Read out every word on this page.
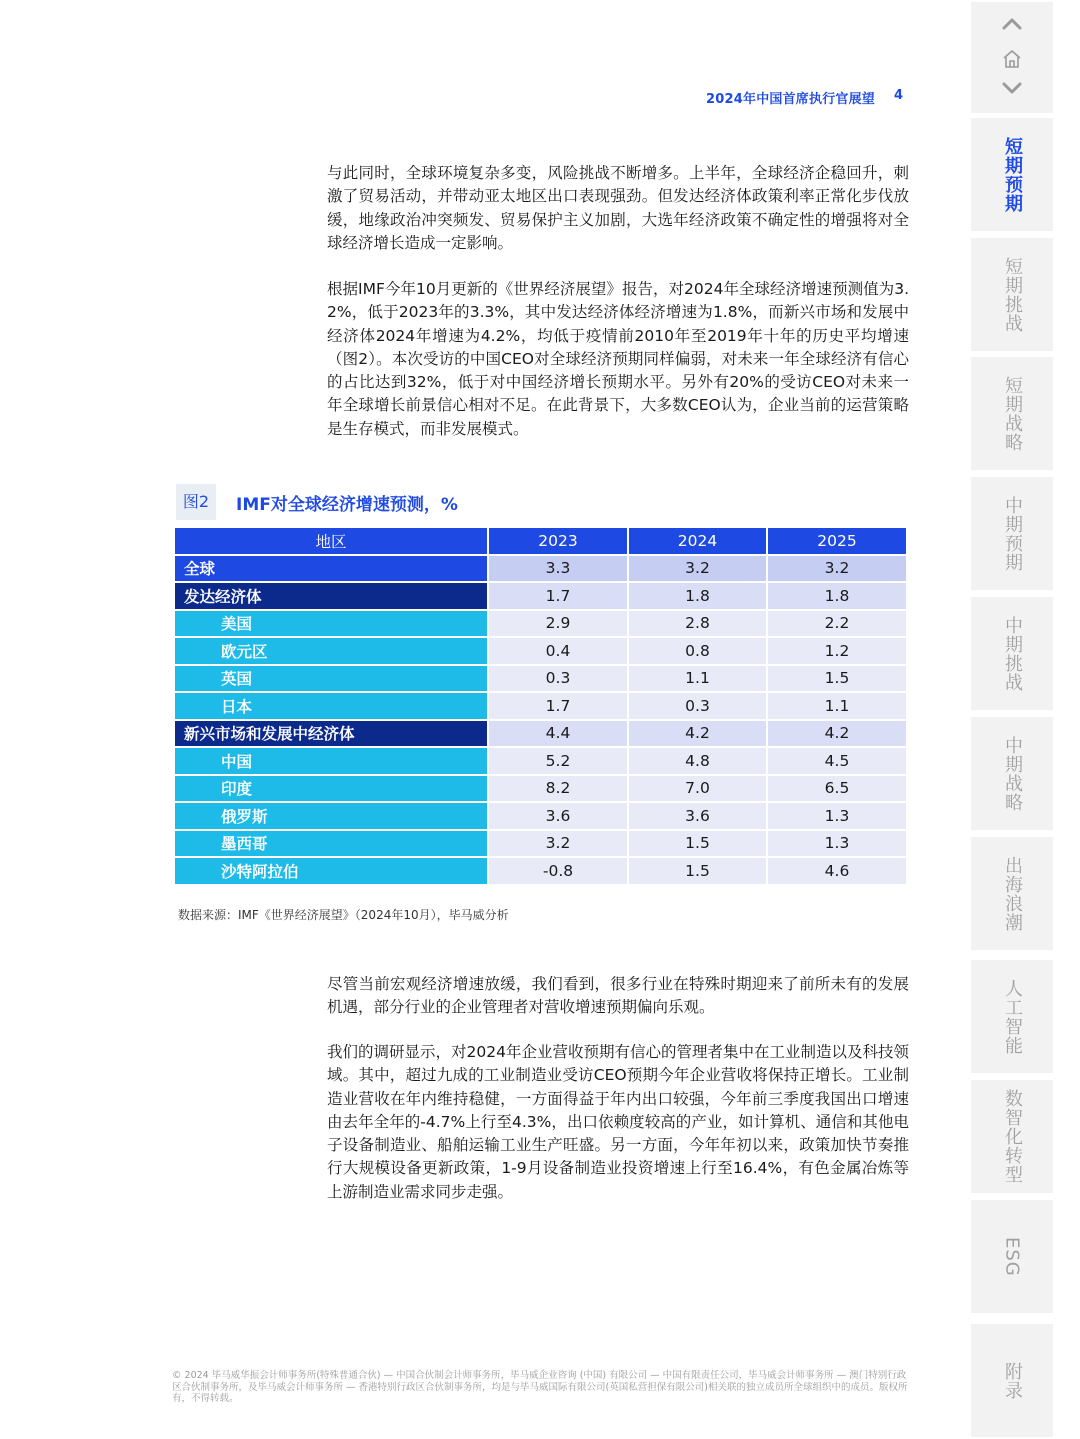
2024年中国首席执行官展望 4

与此同时，全球环境复杂多变，风险挑战不断增多。上半年，全球经济企稳回升，刺激了贸易活动，并带动亚太地区出口表现强劲。但发达经济体政策利率正常化步伐放缓，地缘政治冲突频发、贸易保护主义加剧，大选年经济政策不确定性的增强将对全球经济增长造成一定影响。

根据IMF今年10月更新的《世界经济展望》报告，对2024年全球经济增速预测值为3.2%，低于2023年的3.3%，其中发达经济体经济增速为1.8%，而新兴市场和发展中经济体2024年增速为4.2%，均低于疫情前2010年至2019年十年的历史平均增速（图2）。本次受访的中国CEO对全球经济预期同样偏弱，对未来一年全球经济有信心的占比达到32%，低于对中国经济增长预期水平。另外有20%的受访CEO对未来一年全球增长前景信心相对不足。在此背景下，大多数CEO认为，企业当前的运营策略是生存模式，而非发展模式。

图2	IMF对全球经济增速预测，%
地区	2023	2024	2025
全球	3.3	3.2	3.2
发达经济体	1.7	1.8	1.8
美国	2.9	2.8	2.2
欧元区	0.4	0.8	1.2
英国	0.3	1.1	1.5
日本	1.7	0.3	1.1
新兴市场和发展中经济体	4.4	4.2	4.2
中国	5.2	4.8	4.5
印度	8.2	7.0	6.5
俄罗斯	3.6	3.6	1.3
墨西哥	3.2	1.5	1.3
沙特阿拉伯	-0.8	1.5	4.6
数据来源：IMF《世界经济展望》（2024年10月），毕马威分析

尽管当前宏观经济增速放缓，我们看到，很多行业在特殊时期迎来了前所未有的发展机遇，部分行业的企业管理者对营收增速预期偏向乐观。

我们的调研显示，对2024年企业营收预期有信心的管理者集中在工业制造以及科技领域。其中，超过九成的工业制造业受访CEO预期今年企业营收将保持正增长。工业制造业营收在年内维持稳健，一方面得益于年内出口较强，今年前三季度我国出口增速由去年全年的-4.7%上行至4.3%，出口依赖度较高的产业，如计算机、通信和其他电子设备制造业、船舶运输工业生产旺盛。另一方面，今年年初以来，政策加快节奏推行大规模设备更新政策，1-9月设备制造业投资增速上行至16.4%，有色金属冶炼等上游制造业需求同步走强。

© 2024 毕马威华振会计师事务所(特殊普通合伙) — 中国合伙制会计师事务所，毕马威企业咨询 (中国) 有限公司 — 中国有限责任公司，毕马威会计师事务所 — 澳门特别行政区合伙制事务所，及毕马威会计师事务所 — 香港特别行政区合伙制事务所，均是与毕马威国际有限公司(英国私营担保有限公司)相关联的独立成员所全球组织中的成员。版权所有，不得转载。

短期预期
短期挑战
短期战略
中期预期
中期挑战
中期战略
出海浪潮
人工智能
数智化转型
ESG
附录
